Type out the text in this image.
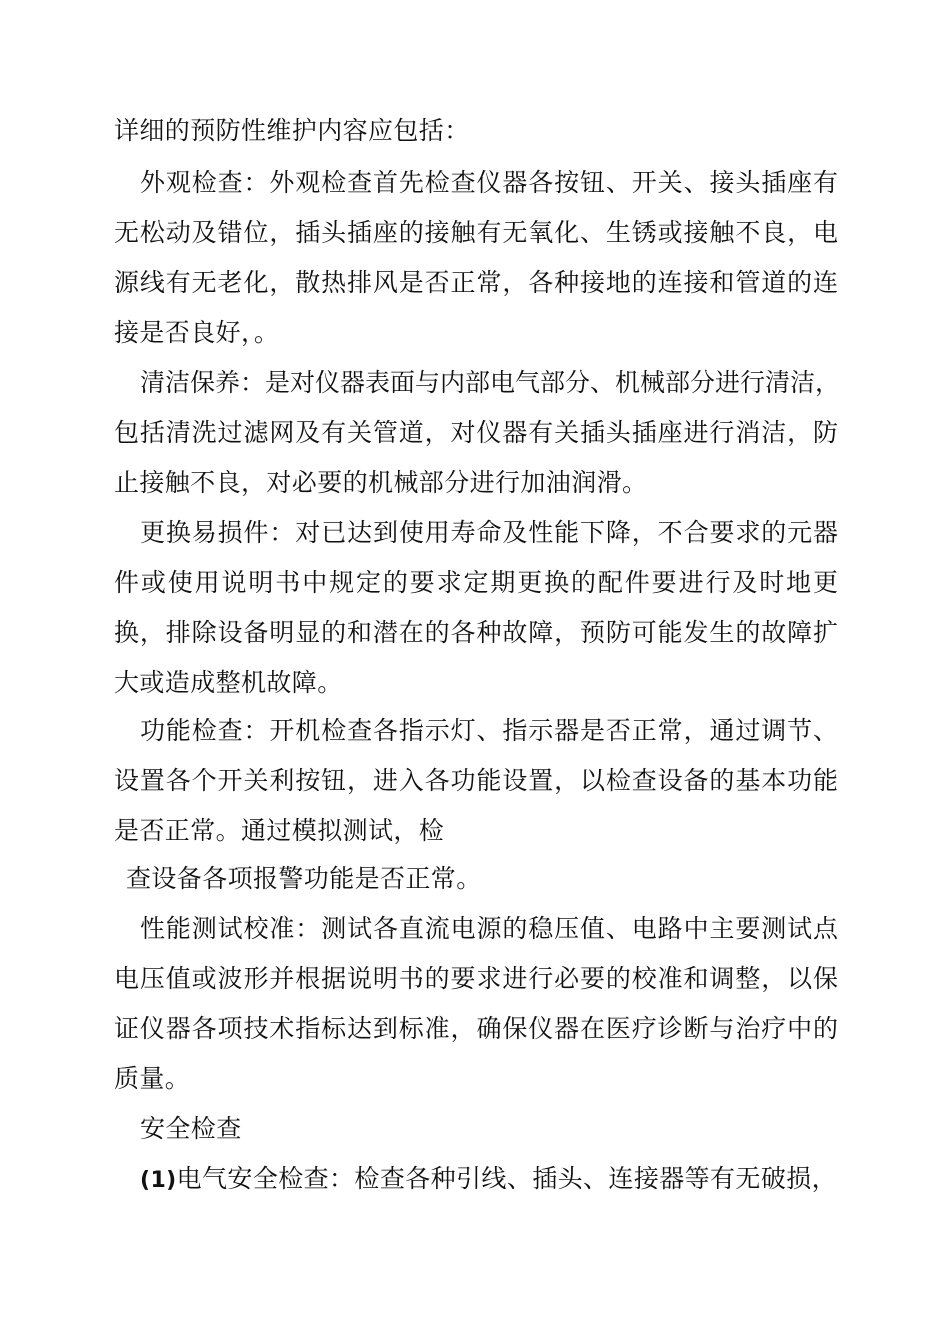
详细的预防性维护内容应包括：
外观检查：外观检查首先检查仪器各按钮、开关、接头插座有
无松动及错位，插头插座的接触有无氧化、生锈或接触不良，电
源线有无老化，散热排风是否正常，各种接地的连接和管道的连
接是否良好，。
清洁保养：是对仪器表面与内部电气部分、机械部分进行清洁，
包括清洗过滤网及有关管道，对仪器有关插头插座进行消洁，防
止接触不良，对必要的机械部分进行加油润滑。
更换易损件：对已达到使用寿命及性能下降，不合要求的元器
件或使用说明书中规定的要求定期更换的配件要进行及时地更
换，排除设备明显的和潜在的各种故障，预防可能发生的故障扩
大或造成整机故障。
功能检查：开机检查各指示灯、指示器是否正常，通过调节、
设置各个开关利按钮，进入各功能设置，以检查设备的基本功能
是否正常。通过模拟测试，检
查设备各项报警功能是否正常。
性能测试校准：测试各直流电源的稳压值、电路中主要测试点
电压值或波形并根据说明书的要求进行必要的校准和调整，以保
证仪器各项技术指标达到标准，确保仪器在医疗诊断与治疗中的
质量。
安全检查
(1)电气安全检查：检查各种引线、插头、连接器等有无破损，
